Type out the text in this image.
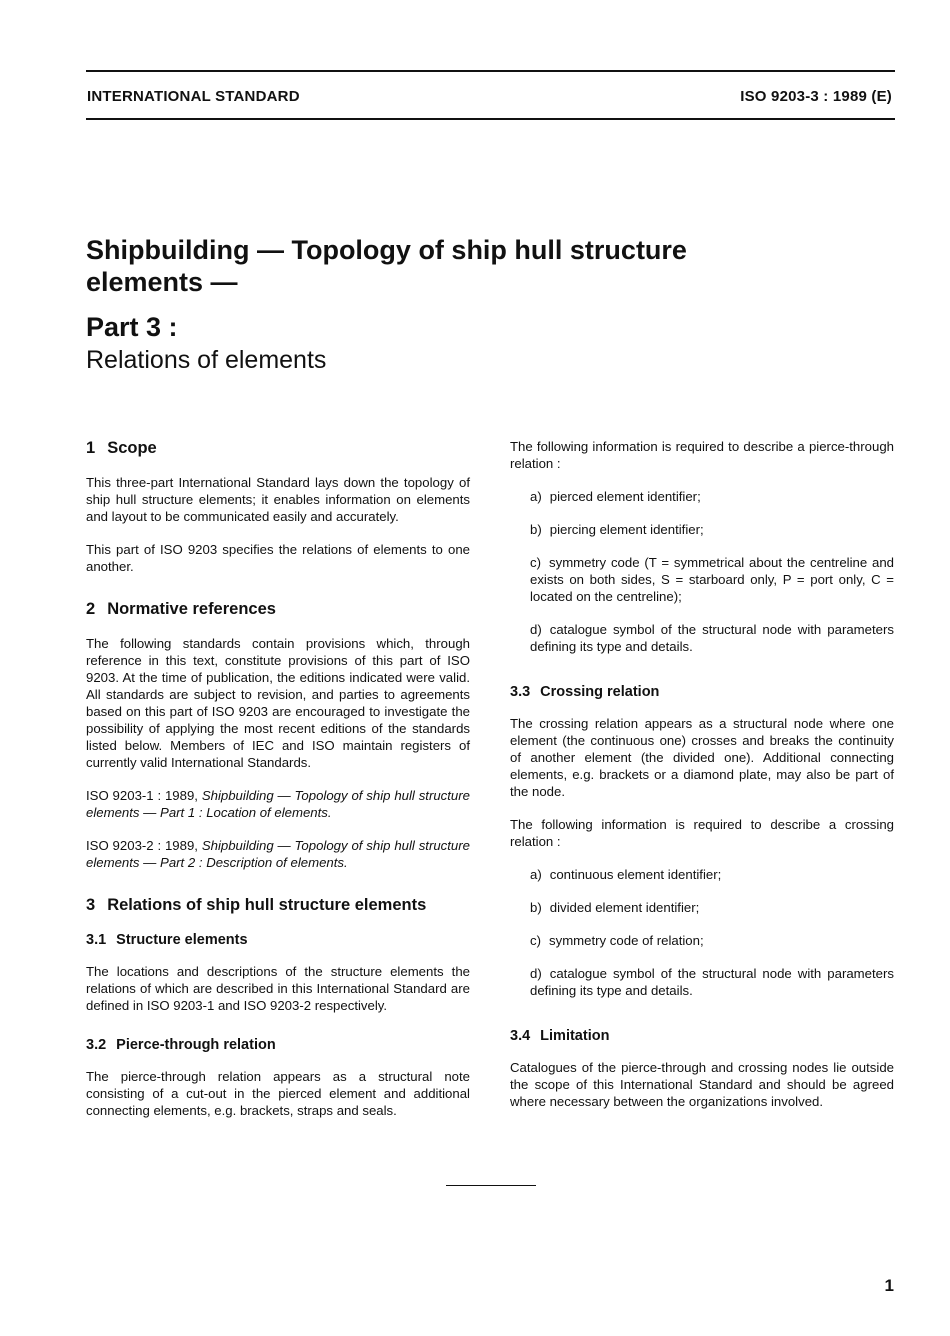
INTERNATIONAL STANDARD	ISO 9203-3 : 1989 (E)
Shipbuilding — Topology of ship hull structure
elements —
Part 3 :
Relations of elements
1 Scope

This three-part International Standard lays down the topology of ship hull structure elements; it enables information on elements and layout to be communicated easily and accurately.

This part of ISO 9203 specifies the relations of elements to one another.

2 Normative references

The following standards contain provisions which, through reference in this text, constitute provisions of this part of ISO 9203. At the time of publication, the editions indicated were valid. All standards are subject to revision, and parties to agreements based on this part of ISO 9203 are encouraged to investigate the possibility of applying the most recent editions of the standards listed below. Members of IEC and ISO maintain registers of currently valid International Standards.

ISO 9203-1 : 1989, Shipbuilding — Topology of ship hull structure elements — Part 1 : Location of elements.

ISO 9203-2 : 1989, Shipbuilding — Topology of ship hull structure elements — Part 2 : Description of elements.

3 Relations of ship hull structure elements
3.1 Structure elements

The locations and descriptions of the structure elements the relations of which are described in this International Standard are defined in ISO 9203-1 and ISO 9203-2 respectively.

3.2 Pierce-through relation

The pierce-through relation appears as a structural note consisting of a cut-out in the pierced element and additional connecting elements, e.g. brackets, straps and seals.

The following information is required to describe a pierce-through relation :

a) pierced element identifier;
b) piercing element identifier;
c) symmetry code (T = symmetrical about the centreline and exists on both sides, S = starboard only, P = port only, C = located on the centreline);
d) catalogue symbol of the structural node with parameters defining its type and details.
3.3 Crossing relation

The crossing relation appears as a structural node where one element (the continuous one) crosses and breaks the continuity of another element (the divided one). Additional connecting elements, e.g. brackets or a diamond plate, may also be part of the node.

The following information is required to describe a crossing relation :

a) continuous element identifier;
b) divided element identifier;
c) symmetry code of relation;
d) catalogue symbol of the structural node with parameters defining its type and details.
3.4 Limitation

Catalogues of the pierce-through and crossing nodes lie outside the scope of this International Standard and should be agreed where necessary between the organizations involved.

1
